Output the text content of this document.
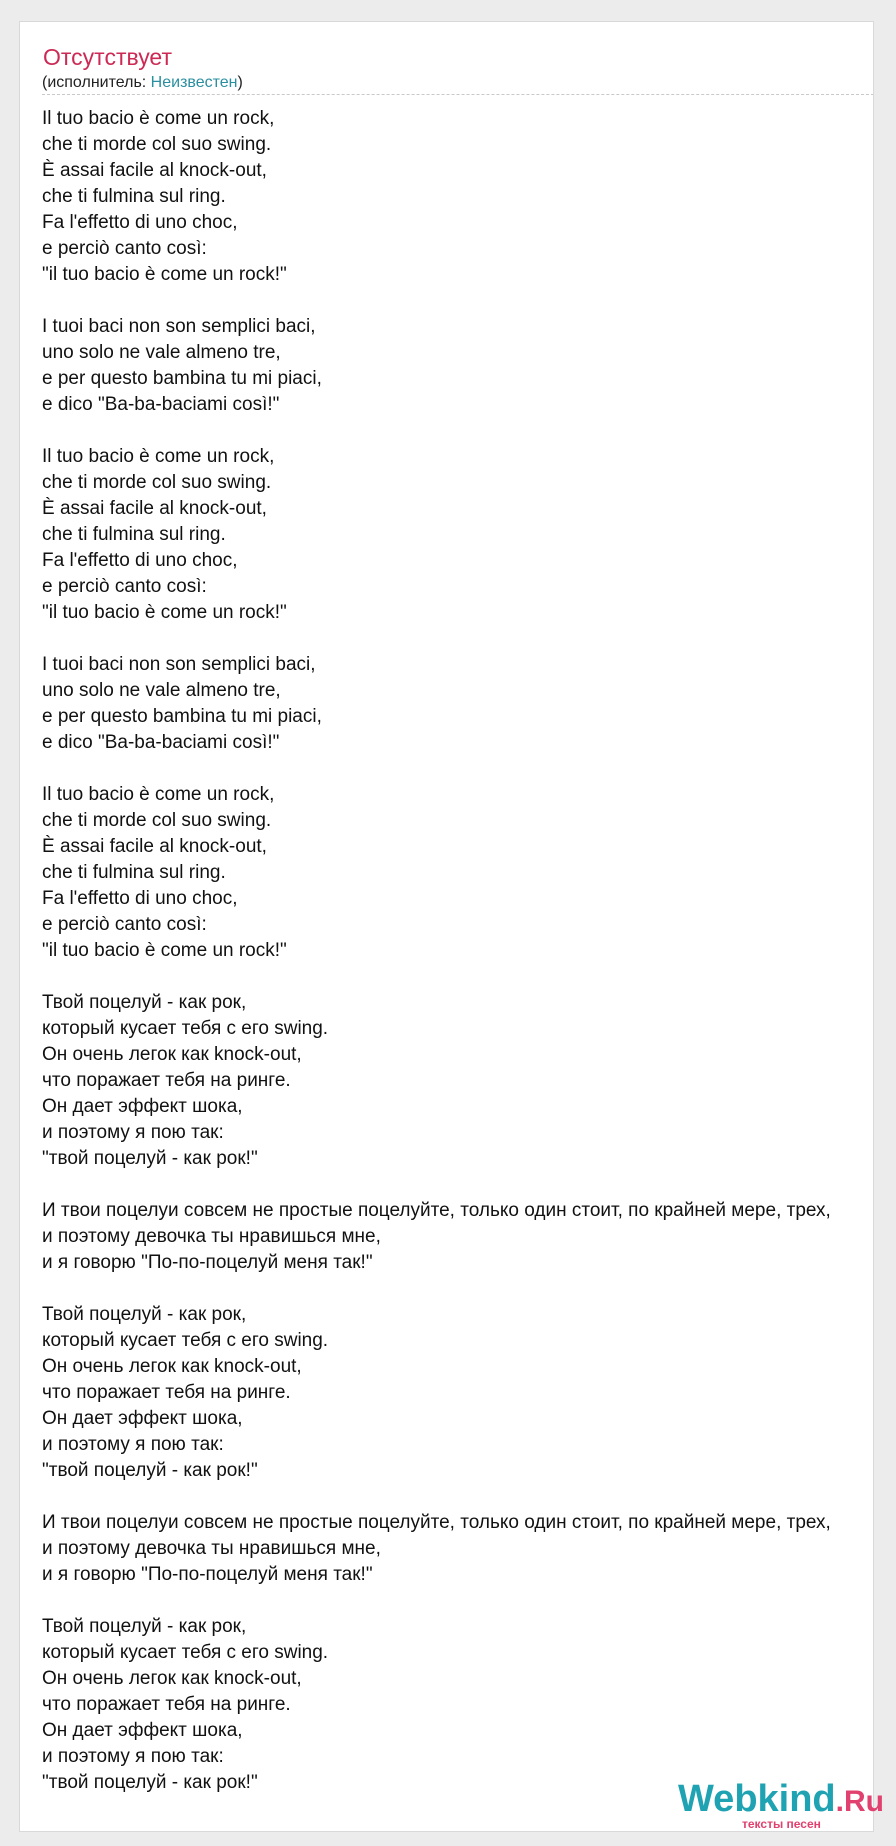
Отсутствует
(исполнитель: Неизвестен)
Il tuo bacio è come un rock,
che ti morde col suo swing.
È assai facile al knock-out,
che ti fulmina sul ring.
Fa l'effetto di uno choc,
e perciò canto così:
"il tuo bacio è come un rock!"
I tuoi baci non son semplici baci,
uno solo ne vale almeno tre,
e per questo bambina tu mi piaci,
e dico "Ba-ba-baciami così!"
Il tuo bacio è come un rock,
che ti morde col suo swing.
È assai facile al knock-out,
che ti fulmina sul ring.
Fa l'effetto di uno choc,
e perciò canto così:
"il tuo bacio è come un rock!"
I tuoi baci non son semplici baci,
uno solo ne vale almeno tre,
e per questo bambina tu mi piaci,
e dico "Ba-ba-baciami così!"
Il tuo bacio è come un rock,
che ti morde col suo swing.
È assai facile al knock-out,
che ti fulmina sul ring.
Fa l'effetto di uno choc,
e perciò canto così:
"il tuo bacio è come un rock!"
Твой поцелуй - как рок,
который кусает тебя с его swing.
Он очень легок как knock-out,
что поражает тебя на ринге.
Он дает эффект шока,
и поэтому я пою так:
"твой поцелуй - как рок!"
И твои поцелуи совсем не простые поцелуйте, только один стоит, по крайней мере, трех,
и поэтому девочка ты нравишься мне,
и я говорю "По-по-поцелуй меня так!"
Твой поцелуй - как рок,
который кусает тебя с его swing.
Он очень легок как knock-out,
что поражает тебя на ринге.
Он дает эффект шока,
и поэтому я пою так:
"твой поцелуй - как рок!"
И твои поцелуи совсем не простые поцелуйте, только один стоит, по крайней мере, трех,
и поэтому девочка ты нравишься мне,
и я говорю "По-по-поцелуй меня так!"
Твой поцелуй - как рок,
который кусает тебя с его swing.
Он очень легок как knock-out,
что поражает тебя на ринге.
Он дает эффект шока,
и поэтому я пою так:
"твой поцелуй - как рок!"	Webkind.Ru
тексты песен
